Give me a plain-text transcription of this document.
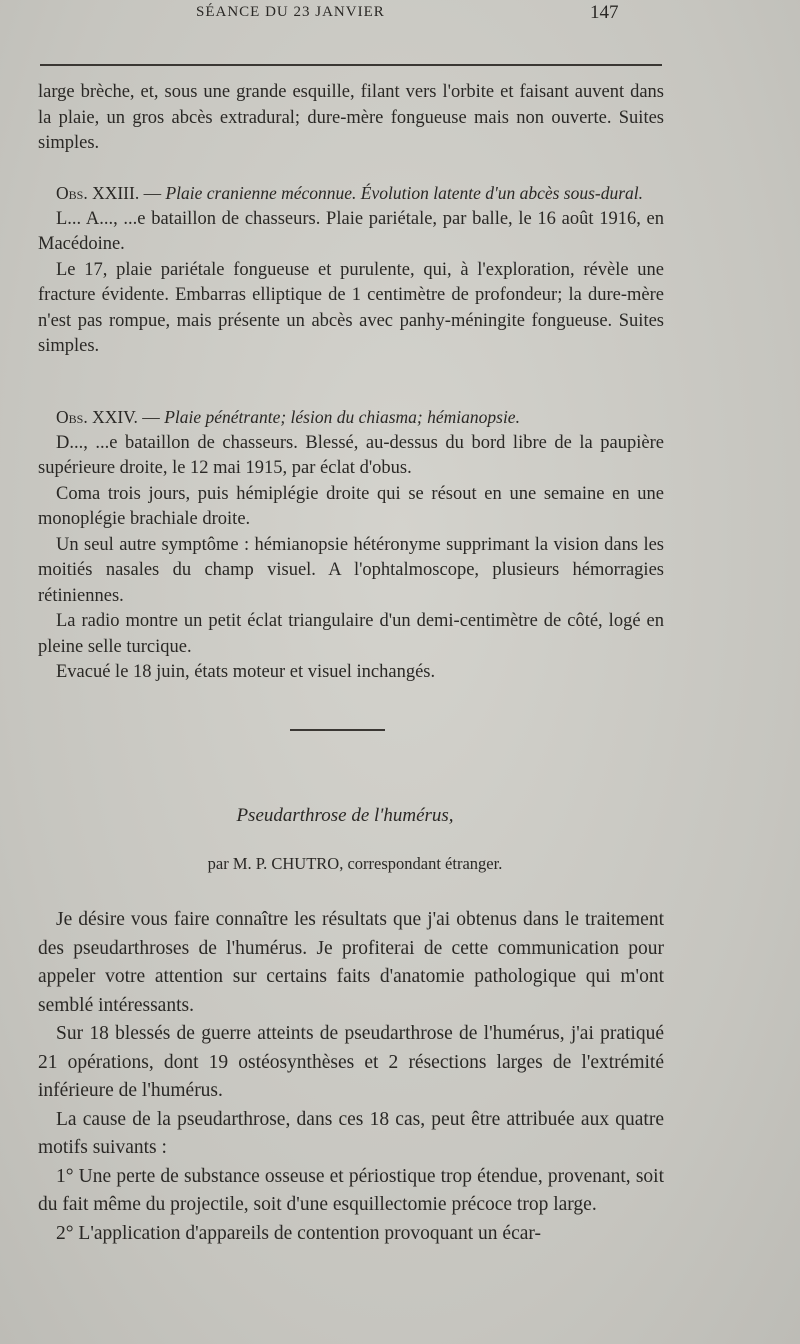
SÉANCE DU 23 JANVIER	147

large brèche, et, sous une grande esquille, filant vers l'orbite et faisant auvent dans la plaie, un gros abcès extradural; dure-mère fongueuse mais non ouverte. Suites simples.

Obs. XXIII. — Plaie cranienne méconnue. Évolution latente d'un abcès sous-dural.

L... A..., ...e bataillon de chasseurs. Plaie pariétale, par balle, le 16 août 1916, en Macédoine.

Le 17, plaie pariétale fongueuse et purulente, qui, à l'exploration, révèle une fracture évidente. Embarras elliptique de 1 centimètre de profondeur; la dure-mère n'est pas rompue, mais présente un abcès avec panhy-méningite fongueuse. Suites simples.

Obs. XXIV. — Plaie pénétrante; lésion du chiasma; hémianopsie.

D..., ...e bataillon de chasseurs. Blessé, au-dessus du bord libre de la paupière supérieure droite, le 12 mai 1915, par éclat d'obus.

Coma trois jours, puis hémiplégie droite qui se résout en une semaine en une monoplégie brachiale droite.

Un seul autre symptôme : hémianopsie hétéronyme supprimant la vision dans les moitiés nasales du champ visuel. A l'ophtalmoscope, plusieurs hémorragies rétiniennes.

La radio montre un petit éclat triangulaire d'un demi-centimètre de côté, logé en pleine selle turcique.

Evacué le 18 juin, états moteur et visuel inchangés.

Pseudarthrose de l'humérus,
par M. P. CHUTRO, correspondant étranger.

Je désire vous faire connaître les résultats que j'ai obtenus dans le traitement des pseudarthroses de l'humérus. Je profiterai de cette communication pour appeler votre attention sur certains faits d'anatomie pathologique qui m'ont semblé intéressants.

Sur 18 blessés de guerre atteints de pseudarthrose de l'humérus, j'ai pratiqué 21 opérations, dont 19 ostéosynthèses et 2 résections larges de l'extrémité inférieure de l'humérus.

La cause de la pseudarthrose, dans ces 18 cas, peut être attribuée aux quatre motifs suivants :

1° Une perte de substance osseuse et périostique trop étendue, provenant, soit du fait même du projectile, soit d'une esquillectomie précoce trop large.

2° L'application d'appareils de contention provoquant un écar-
